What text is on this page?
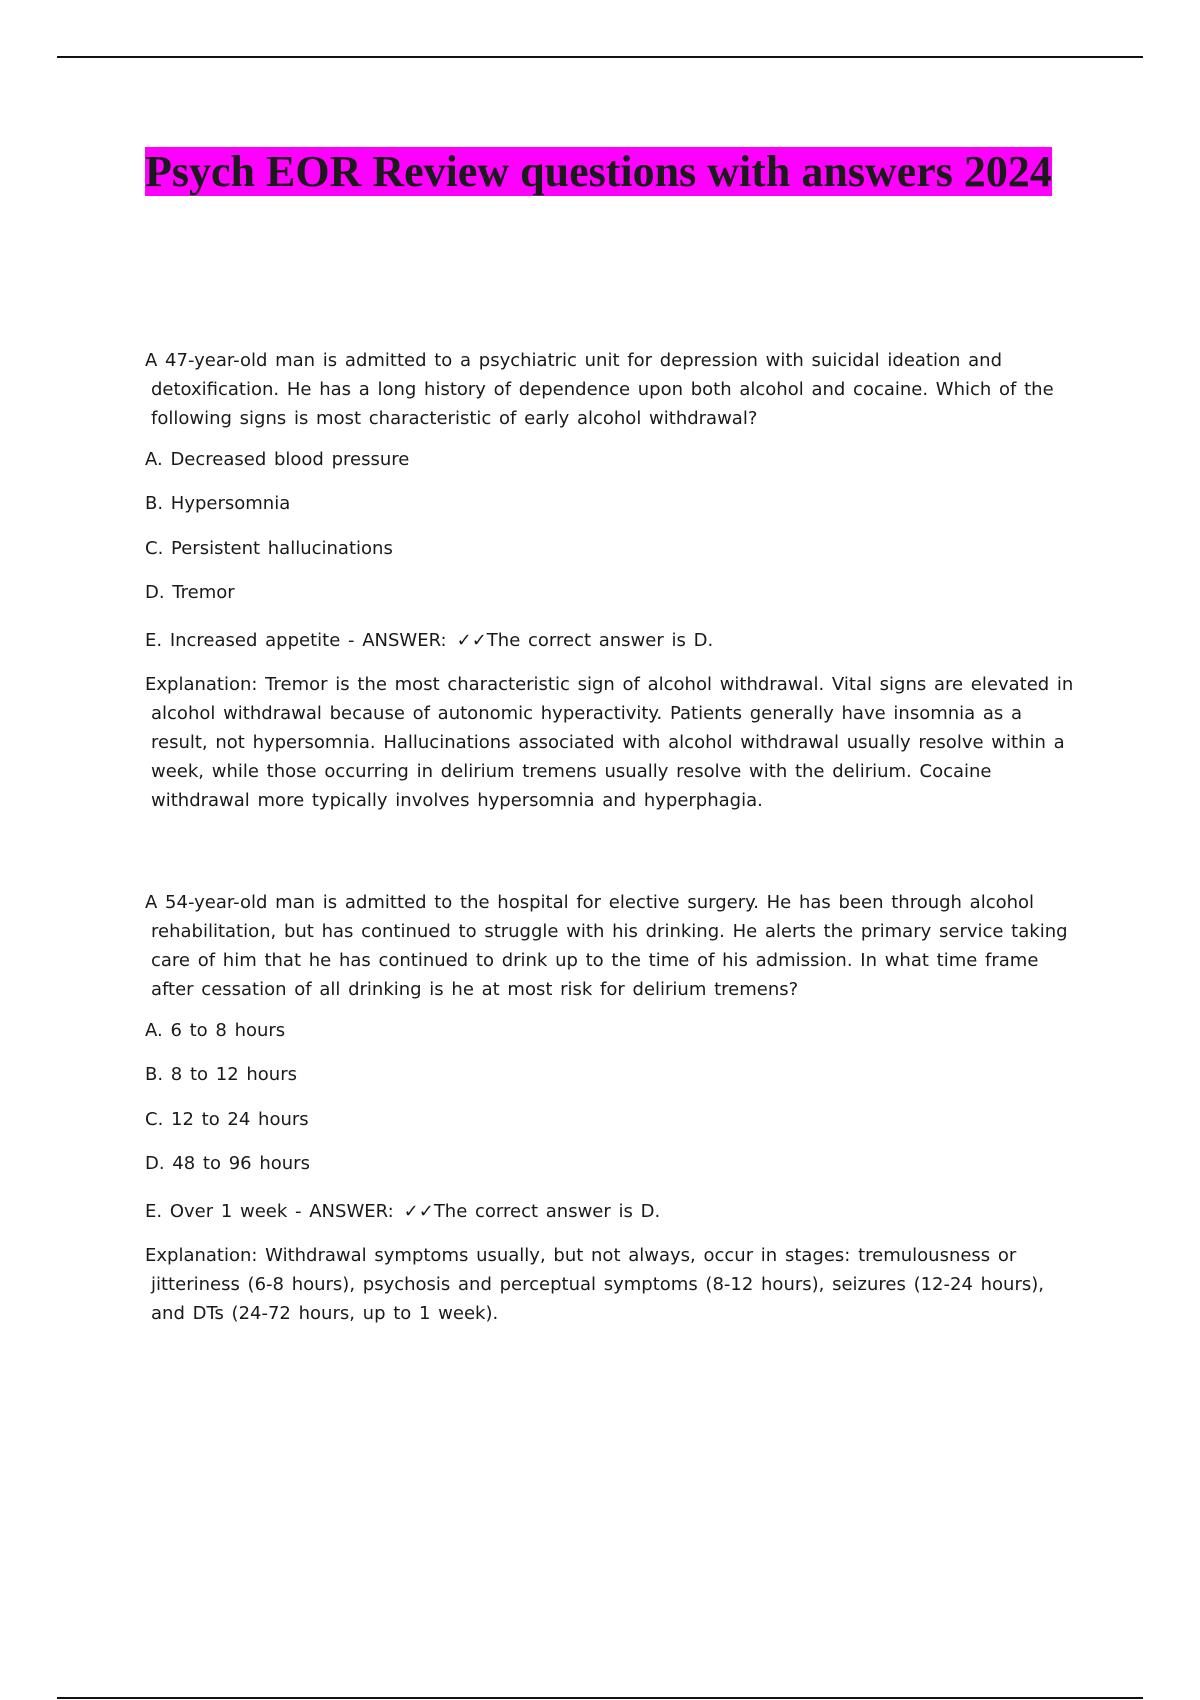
Psych EOR Review questions with answers 2024

A 47-year-old man is admitted to a psychiatric unit for depression with suicidal ideation and detoxification. He has a long history of dependence upon both alcohol and cocaine. Which of the following signs is most characteristic of early alcohol withdrawal?

A. Decreased blood pressure

B. Hypersomnia

C. Persistent hallucinations

D. Tremor

E. Increased appetite - ANSWER: ✓✓The correct answer is D.

Explanation: Tremor is the most characteristic sign of alcohol withdrawal. Vital signs are elevated in alcohol withdrawal because of autonomic hyperactivity. Patients generally have insomnia as a result, not hypersomnia. Hallucinations associated with alcohol withdrawal usually resolve within a week, while those occurring in delirium tremens usually resolve with the delirium. Cocaine withdrawal more typically involves hypersomnia and hyperphagia.

A 54-year-old man is admitted to the hospital for elective surgery. He has been through alcohol rehabilitation, but has continued to struggle with his drinking. He alerts the primary service taking care of him that he has continued to drink up to the time of his admission. In what time frame after cessation of all drinking is he at most risk for delirium tremens?

A. 6 to 8 hours

B. 8 to 12 hours

C. 12 to 24 hours

D. 48 to 96 hours

E. Over 1 week - ANSWER: ✓✓The correct answer is D.

Explanation: Withdrawal symptoms usually, but not always, occur in stages: tremulousness or jitteriness (6-8 hours), psychosis and perceptual symptoms (8-12 hours), seizures (12-24 hours), and DTs (24-72 hours, up to 1 week).
